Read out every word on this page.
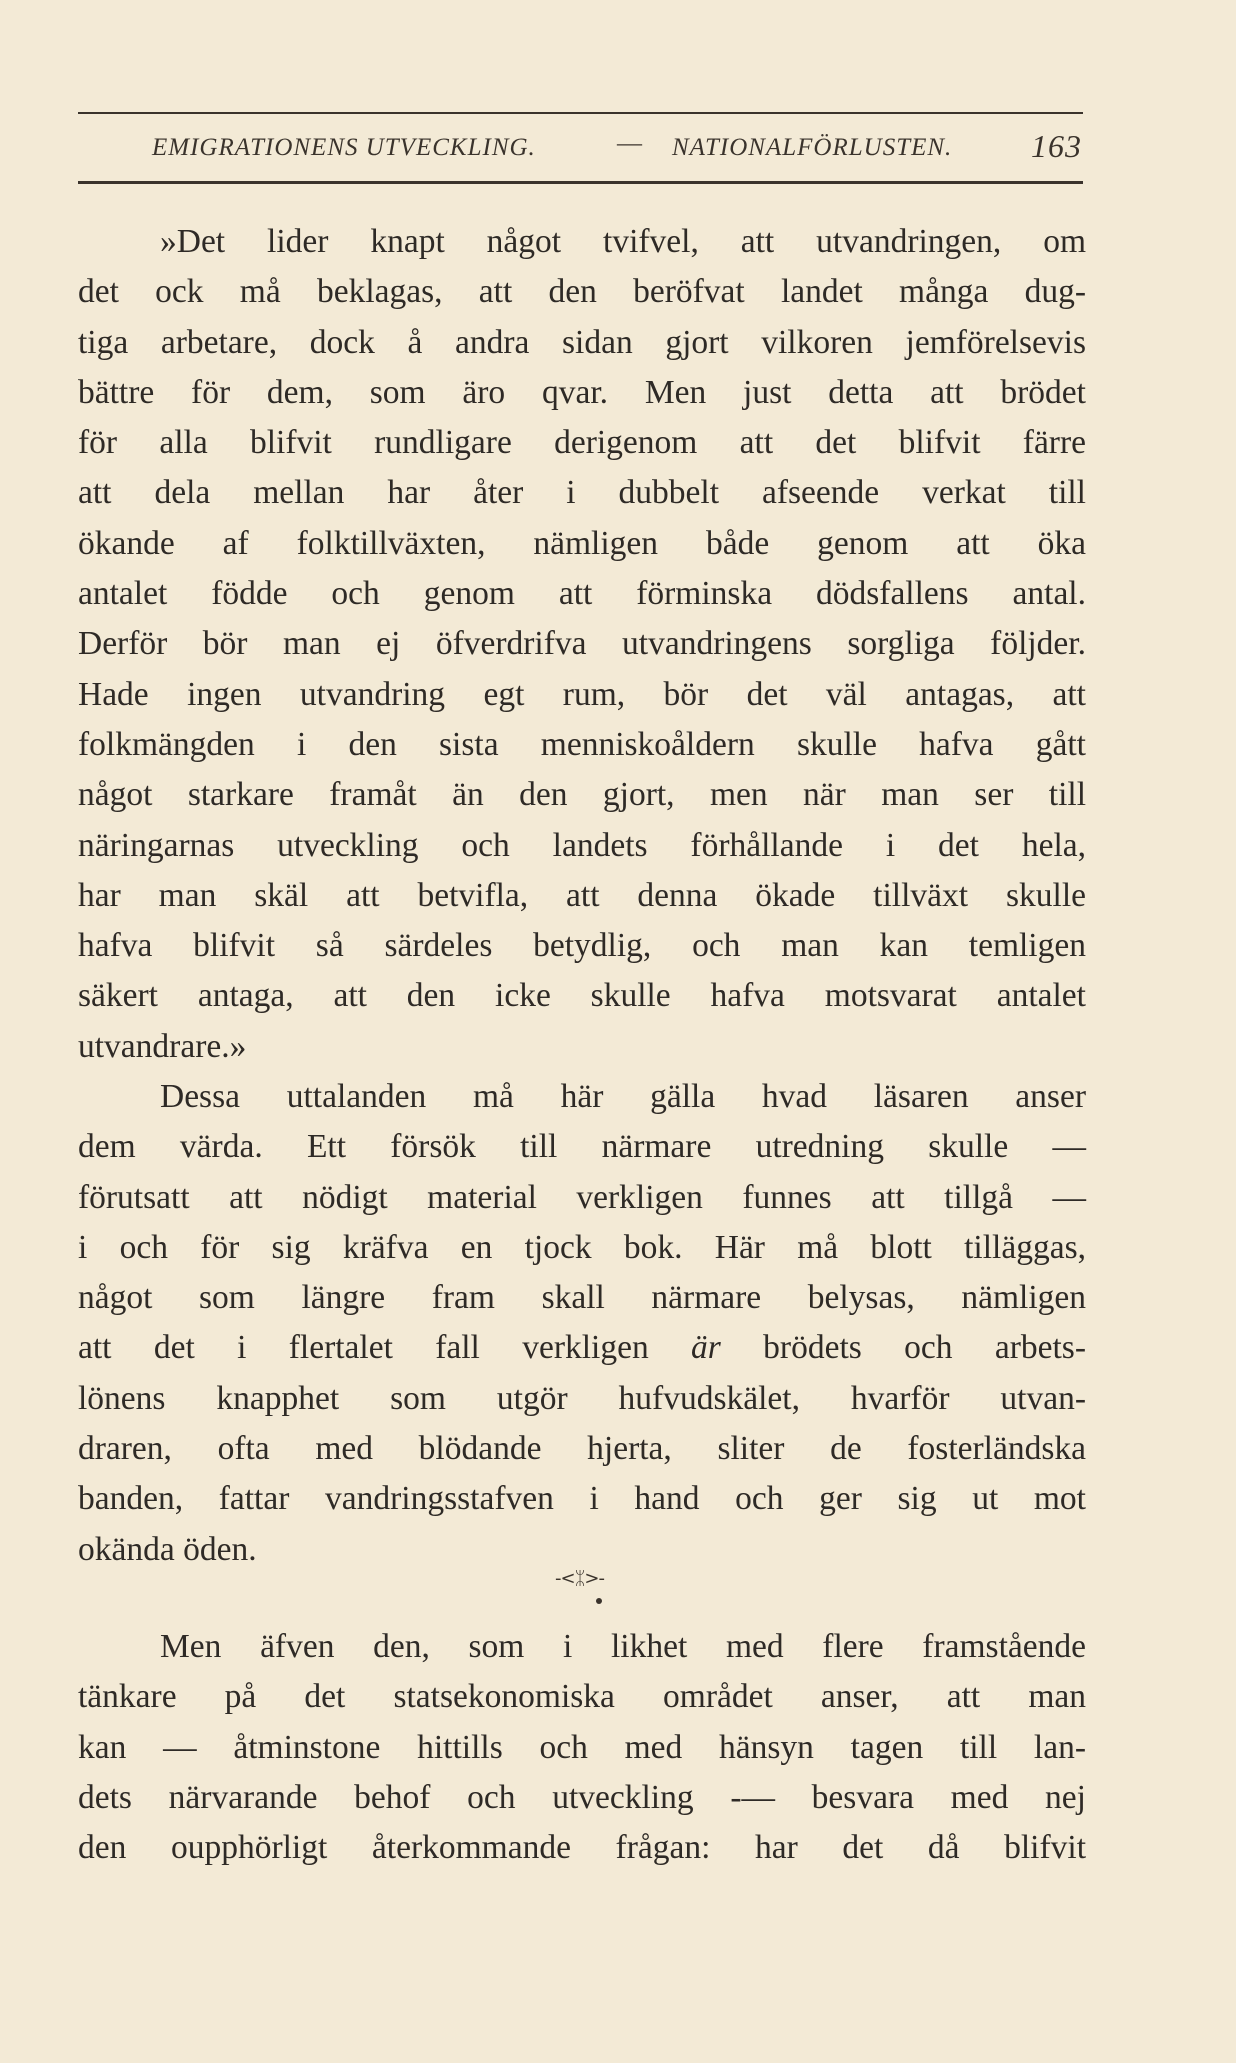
EMIGRATIONENS UTVECKLING.	— NATIONALFÖRLUSTEN. 163
»Det lider knapt något tvifvel, att utvandringen, om
det ock må beklagas, att den beröfvat landet många dug-
tiga arbetare, dock å andra sidan gjort vilkoren jemförelsevis
bättre för dem, som äro qvar. Men just detta att brödet
för alla blifvit rundligare derigenom att det blifvit färre
att dela mellan har åter i dubbelt afseende verkat till
ökande af folktillväxten, nämligen både genom att öka
antalet födde och genom att förminska dödsfallens antal.
Derför bör man ej öfverdrifva utvandringens sorgliga följder.
Hade ingen utvandring egt rum, bör det väl antagas, att
folkmängden i den sista menniskoåldern skulle hafva gått
något starkare framåt än den gjort, men när man ser till
näringarnas utveckling och landets förhållande i det hela,
har man skäl att betvifla, att denna ökade tillväxt skulle
hafva blifvit så särdeles betydlig, och man kan temligen
säkert antaga, att den icke skulle hafva motsvarat antalet
utvandrare.»
Dessa uttalanden må här gälla hvad läsaren anser
dem värda. Ett försök till närmare utredning skulle —
förutsatt att nödigt material verkligen funnes att tillgå —
i och för sig kräfva en tjock bok. Här må blott tilläggas,
något som längre fram skall närmare belysas, nämligen
att det i flertalet fall verkligen är brödets och arbets-
lönens knapphet som utgör hufvudskälet, hvarför utvan-
draren, ofta med blödande hjerta, sliter de fosterländska
banden, fattar vandringsstafven i hand och ger sig ut mot
okända öden.
-<ᛯ>-
Men äfven den, som i likhet med flere framstående
tänkare på det statsekonomiska området anser, att man
kan — åtminstone hittills och med hänsyn tagen till lan-
dets närvarande behof och utveckling -— besvara med nej
den oupphörligt återkommande frågan: har det då blifvit
